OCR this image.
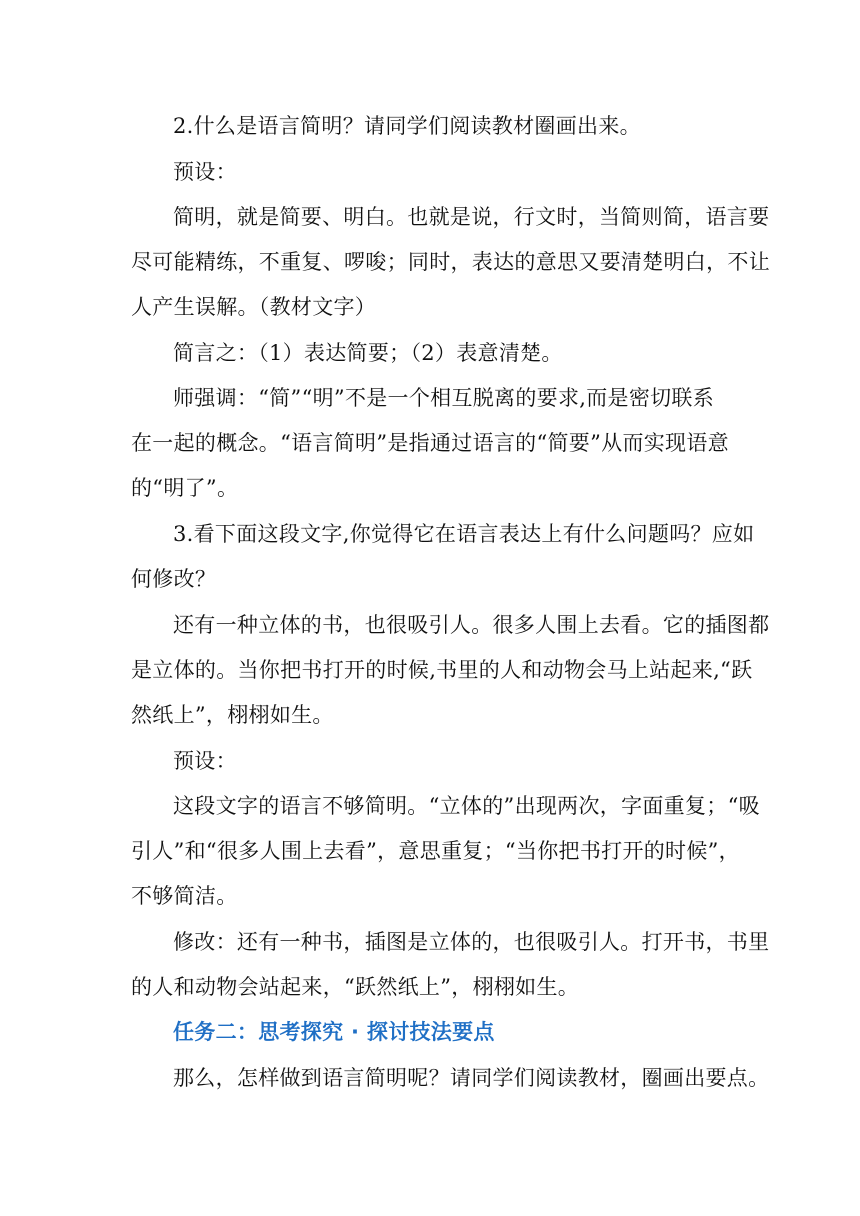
2.什么是语言简明？请同学们阅读教材圈画出来。
预设：
简明，就是简要、明白。也就是说，行文时，当简则简，语言要
尽可能精练，不重复、啰唆；同时，表达的意思又要清楚明白，不让
人产生误解。（教材文字）
简言之：（1）表达简要；（2）表意清楚。
师强调：“简”“明”不是一个相互脱离的要求,而是密切联系
在一起的概念。“语言简明”是指通过语言的“简要”从而实现语意
的“明了”。
3.看下面这段文字,你觉得它在语言表达上有什么问题吗？应如
何修改？
还有一种立体的书，也很吸引人。很多人围上去看。它的插图都
是立体的。当你把书打开的时候,书里的人和动物会马上站起来,“跃
然纸上”，栩栩如生。
预设：
这段文字的语言不够简明。“立体的”出现两次，字面重复；“吸
引人”和“很多人围上去看”，意思重复；“当你把书打开的时候”，
不够简洁。
修改：还有一种书，插图是立体的，也很吸引人。打开书，书里
的人和动物会站起来，“跃然纸上”，栩栩如生。
任务二：思考探究 · 探讨技法要点
那么，怎样做到语言简明呢？请同学们阅读教材，圈画出要点。
